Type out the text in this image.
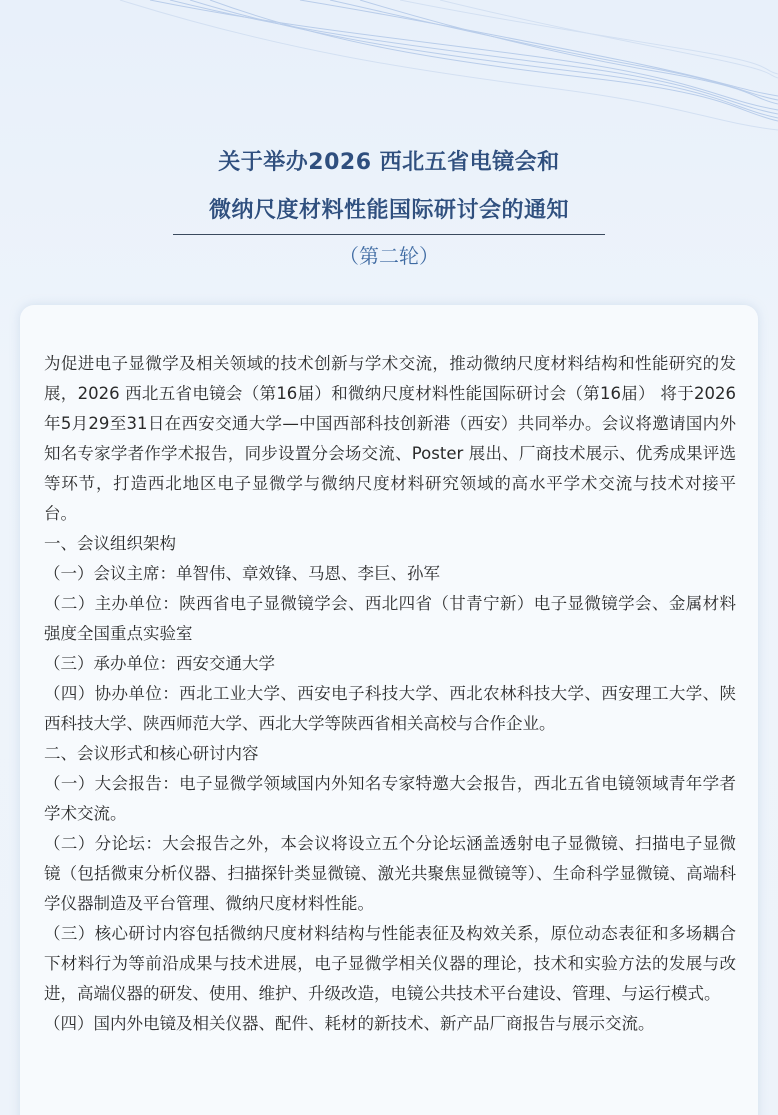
关于举办2026 西北五省电镜会和
微纳尺度材料性能国际研讨会的通知
（第二轮）

为促进电子显微学及相关领域的技术创新与学术交流，推动微纳尺度材料结构和性能研究的发展，2026 西北五省电镜会（第16届）和微纳尺度材料性能国际研讨会（第16届） 将于2026年5月29至31日在西安交通大学—中国西部科技创新港（西安）共同举办。会议将邀请国内外知名专家学者作学术报告，同步设置分会场交流、Poster 展出、厂商技术展示、优秀成果评选等环节，打造西北地区电子显微学与微纳尺度材料研究领域的高水平学术交流与技术对接平台。

一、会议组织架构

（一）会议主席：单智伟、章效锋、马恩、李巨、孙军

（二）主办单位：陕西省电子显微镜学会、西北四省（甘青宁新）电子显微镜学会、金属材料强度全国重点实验室

（三）承办单位：西安交通大学

（四）协办单位：西北工业大学、西安电子科技大学、西北农林科技大学、西安理工大学、陕西科技大学、陕西师范大学、西北大学等陕西省相关高校与合作企业。

二、会议形式和核心研讨内容

（一）大会报告：电子显微学领域国内外知名专家特邀大会报告，西北五省电镜领域青年学者学术交流。

（二）分论坛：大会报告之外，本会议将设立五个分论坛涵盖透射电子显微镜、扫描电子显微镜（包括微束分析仪器、扫描探针类显微镜、激光共聚焦显微镜等）、生命科学显微镜、高端科学仪器制造及平台管理、微纳尺度材料性能。

（三）核心研讨内容包括微纳尺度材料结构与性能表征及构效关系，原位动态表征和多场耦合下材料行为等前沿成果与技术进展，电子显微学相关仪器的理论，技术和实验方法的发展与改进，高端仪器的研发、使用、维护、升级改造，电镜公共技术平台建设、管理、与运行模式。

（四）国内外电镜及相关仪器、配件、耗材的新技术、新产品厂商报告与展示交流。
